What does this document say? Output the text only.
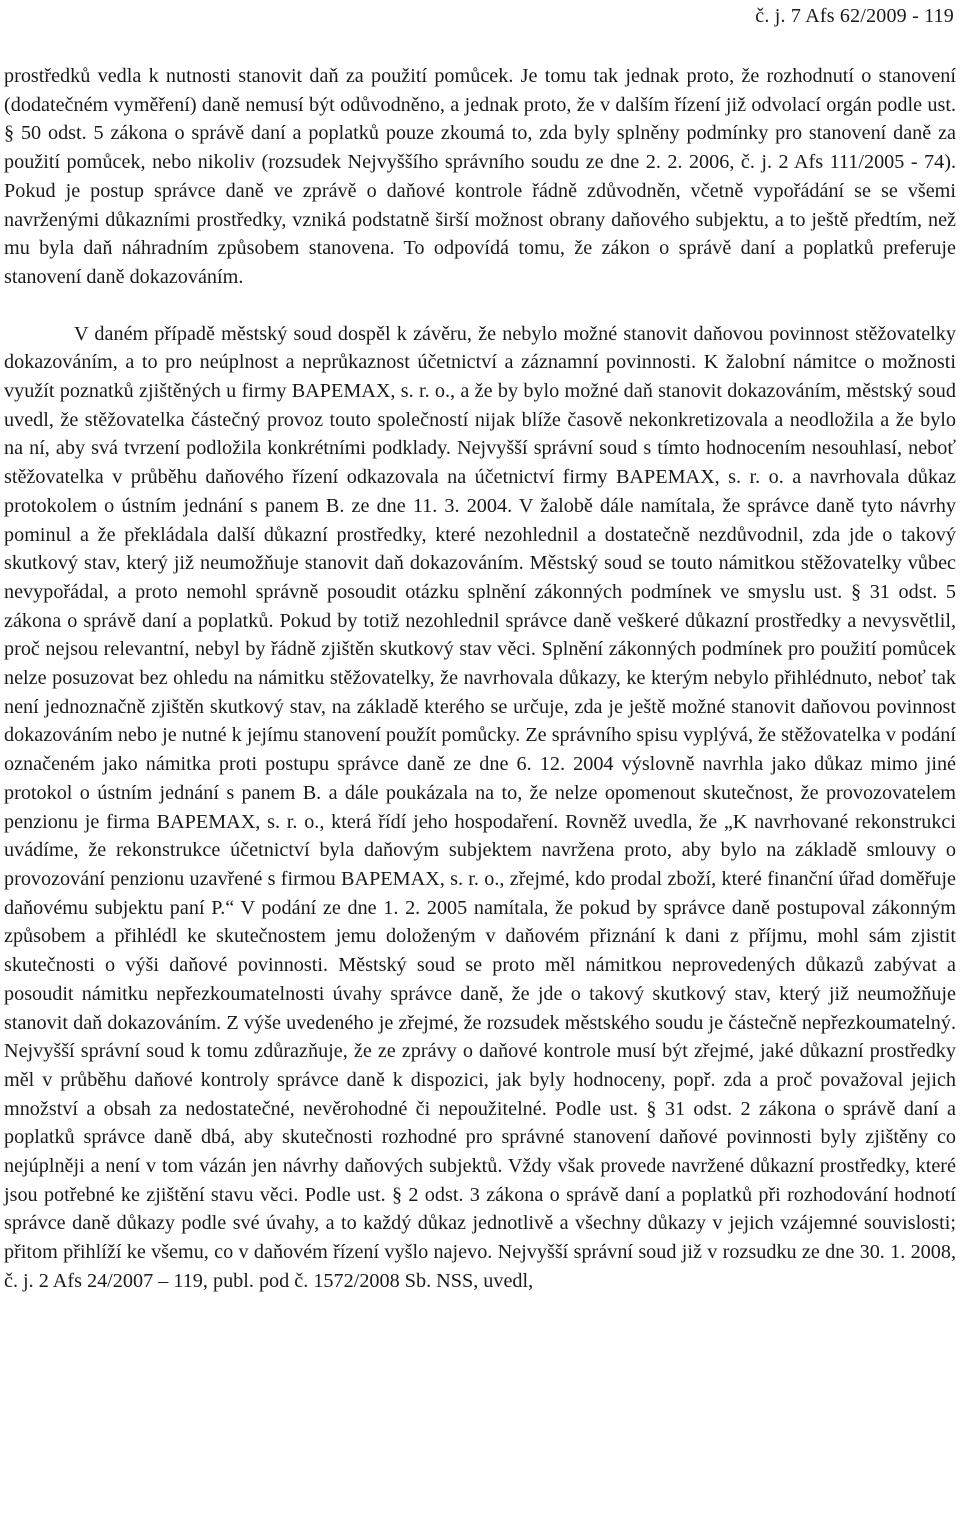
č. j. 7 Afs 62/2009 - 119

prostředků vedla k nutnosti stanovit daň za použití pomůcek. Je tomu tak jednak proto, že rozhodnutí o stanovení (dodatečném vyměření) daně nemusí být odůvodněno, a jednak proto, že v dalším řízení již odvolací orgán podle ust. § 50 odst. 5 zákona o správě daní a poplatků pouze zkoumá to, zda byly splněny podmínky pro stanovení daně za použití pomůcek, nebo nikoliv (rozsudek Nejvyššího správního soudu ze dne 2. 2. 2006, č. j. 2 Afs 111/2005 - 74). Pokud je postup správce daně ve zprávě o daňové kontrole řádně zdůvodněn, včetně vypořádání se se všemi navrženými důkazními prostředky, vzniká podstatně širší možnost obrany daňového subjektu, a to ještě předtím, než mu byla daň náhradním způsobem stanovena. To odpovídá tomu, že zákon o správě daní a poplatků preferuje stanovení daně dokazováním.

V daném případě městský soud dospěl k závěru, že nebylo možné stanovit daňovou povinnost stěžovatelky dokazováním, a to pro neúplnost a neprůkaznost účetnictví a záznamní povinnosti. K žalobní námitce o možnosti využít poznatků zjištěných u firmy BAPEMAX, s. r. o., a že by bylo možné daň stanovit dokazováním, městský soud uvedl, že stěžovatelka částečný provoz touto společností nijak blíže časově nekonkretizovala a neodložila a že bylo na ní, aby svá tvrzení podložila konkrétními podklady. Nejvyšší správní soud s tímto hodnocením nesouhlasí, neboť stěžovatelka v průběhu daňového řízení odkazovala na účetnictví firmy BAPEMAX, s. r. o. a navrhovala důkaz protokolem o ústním jednání s panem B. ze dne 11. 3. 2004. V žalobě dále namítala, že správce daně tyto návrhy pominul a že překládala další důkazní prostředky, které nezohlednil a dostatečně nezdůvodnil, zda jde o takový skutkový stav, který již neumožňuje stanovit daň dokazováním. Městský soud se touto námitkou stěžovatelky vůbec nevypořádal, a proto nemohl správně posoudit otázku splnění zákonných podmínek ve smyslu ust. § 31 odst. 5 zákona o správě daní a poplatků. Pokud by totiž nezohlednil správce daně veškeré důkazní prostředky a nevysvětlil, proč nejsou relevantní, nebyl by řádně zjištěn skutkový stav věci. Splnění zákonných podmínek pro použití pomůcek nelze posuzovat bez ohledu na námitku stěžovatelky, že navrhovala důkazy, ke kterým nebylo přihlédnuto, neboť tak není jednoznačně zjištěn skutkový stav, na základě kterého se určuje, zda je ještě možné stanovit daňovou povinnost dokazováním nebo je nutné k jejímu stanovení použít pomůcky. Ze správního spisu vyplývá, že stěžovatelka v podání označeném jako námitka proti postupu správce daně ze dne 6. 12. 2004 výslovně navrhla jako důkaz mimo jiné protokol o ústním jednání s panem B. a dále poukázala na to, že nelze opomenout skutečnost, že provozovatelem penzionu je firma BAPEMAX, s. r. o., která řídí jeho hospodaření. Rovněž uvedla, že „K navrhované rekonstrukci uvádíme, že rekonstrukce účetnictví byla daňovým subjektem navržena proto, aby bylo na základě smlouvy o provozování penzionu uzavřené s firmou BAPEMAX, s. r. o., zřejmé, kdo prodal zboží, které finanční úřad doměřuje daňovému subjektu paní P.“ V podání ze dne 1. 2. 2005 namítala, že pokud by správce daně postupoval zákonným způsobem a přihlédl ke skutečnostem jemu doloženým v daňovém přiznání k dani z příjmu, mohl sám zjistit skutečnosti o výši daňové povinnosti. Městský soud se proto měl námitkou neprovedených důkazů zabývat a posoudit námitku nepřezkoumatelnosti úvahy správce daně, že jde o takový skutkový stav, který již neumožňuje stanovit daň dokazováním. Z výše uvedeného je zřejmé, že rozsudek městského soudu je částečně nepřezkoumatelný. Nejvyšší správní soud k tomu zdůrazňuje, že ze zprávy o daňové kontrole musí být zřejmé, jaké důkazní prostředky měl v průběhu daňové kontroly správce daně k dispozici, jak byly hodnoceny, popř. zda a proč považoval jejich množství a obsah za nedostatečné, nevěrohodné či nepoužitelné. Podle ust. § 31 odst. 2 zákona o správě daní a poplatků správce daně dbá, aby skutečnosti rozhodné pro správné stanovení daňové povinnosti byly zjištěny co nejúplněji a není v tom vázán jen návrhy daňových subjektů. Vždy však provede navržené důkazní prostředky, které jsou potřebné ke zjištění stavu věci. Podle ust. § 2 odst. 3 zákona o správě daní a poplatků při rozhodování hodnotí správce daně důkazy podle své úvahy, a to každý důkaz jednotlivě a všechny důkazy v jejich vzájemné souvislosti; přitom přihlíží ke všemu, co v daňovém řízení vyšlo najevo. Nejvyšší správní soud již v rozsudku ze dne 30. 1. 2008, č. j. 2 Afs 24/2007 – 119, publ. pod č. 1572/2008 Sb. NSS, uvedl,
